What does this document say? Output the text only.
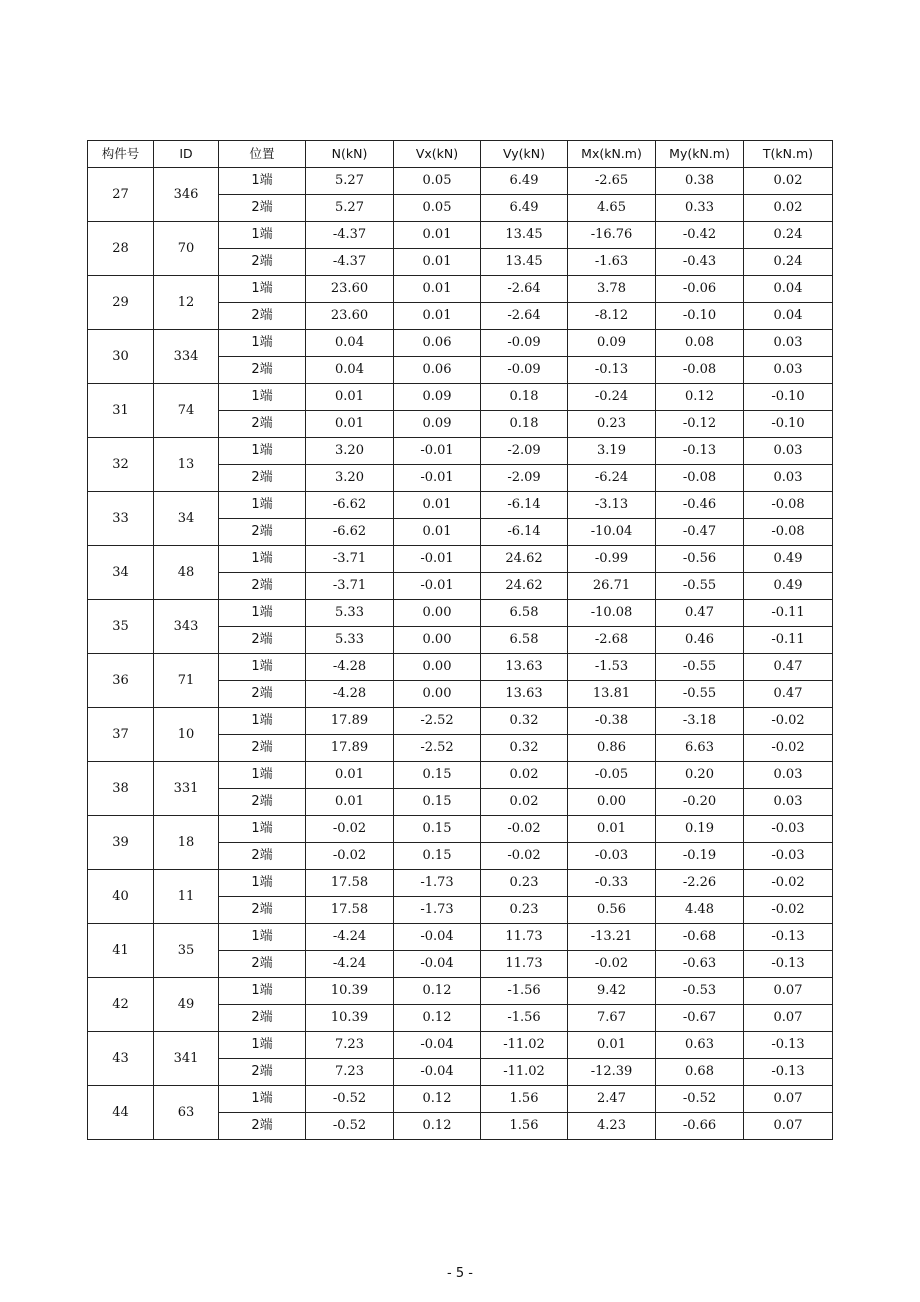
构件号	ID	位置	N(kN)	Vx(kN)	Vy(kN)	Mx(kN.m)	My(kN.m)	T(kN.m)
27	346	1端	5.27	0.05	6.49	-2.65	0.38	0.02
		2端	5.27	0.05	6.49	4.65	0.33	0.02
28	70	1端	-4.37	0.01	13.45	-16.76	-0.42	0.24
		2端	-4.37	0.01	13.45	-1.63	-0.43	0.24
29	12	1端	23.60	0.01	-2.64	3.78	-0.06	0.04
		2端	23.60	0.01	-2.64	-8.12	-0.10	0.04
30	334	1端	0.04	0.06	-0.09	0.09	0.08	0.03
		2端	0.04	0.06	-0.09	-0.13	-0.08	0.03
31	74	1端	0.01	0.09	0.18	-0.24	0.12	-0.10
		2端	0.01	0.09	0.18	0.23	-0.12	-0.10
32	13	1端	3.20	-0.01	-2.09	3.19	-0.13	0.03
		2端	3.20	-0.01	-2.09	-6.24	-0.08	0.03
33	34	1端	-6.62	0.01	-6.14	-3.13	-0.46	-0.08
		2端	-6.62	0.01	-6.14	-10.04	-0.47	-0.08
34	48	1端	-3.71	-0.01	24.62	-0.99	-0.56	0.49
		2端	-3.71	-0.01	24.62	26.71	-0.55	0.49
35	343	1端	5.33	0.00	6.58	-10.08	0.47	-0.11
		2端	5.33	0.00	6.58	-2.68	0.46	-0.11
36	71	1端	-4.28	0.00	13.63	-1.53	-0.55	0.47
		2端	-4.28	0.00	13.63	13.81	-0.55	0.47
37	10	1端	17.89	-2.52	0.32	-0.38	-3.18	-0.02
		2端	17.89	-2.52	0.32	0.86	6.63	-0.02
38	331	1端	0.01	0.15	0.02	-0.05	0.20	0.03
		2端	0.01	0.15	0.02	0.00	-0.20	0.03
39	18	1端	-0.02	0.15	-0.02	0.01	0.19	-0.03
		2端	-0.02	0.15	-0.02	-0.03	-0.19	-0.03
40	11	1端	17.58	-1.73	0.23	-0.33	-2.26	-0.02
		2端	17.58	-1.73	0.23	0.56	4.48	-0.02
41	35	1端	-4.24	-0.04	11.73	-13.21	-0.68	-0.13
		2端	-4.24	-0.04	11.73	-0.02	-0.63	-0.13
42	49	1端	10.39	0.12	-1.56	9.42	-0.53	0.07
		2端	10.39	0.12	-1.56	7.67	-0.67	0.07
43	341	1端	7.23	-0.04	-11.02	0.01	0.63	-0.13
		2端	7.23	-0.04	-11.02	-12.39	0.68	-0.13
44	63	1端	-0.52	0.12	1.56	2.47	-0.52	0.07
		2端	-0.52	0.12	1.56	4.23	-0.66	0.07
- 5 -
